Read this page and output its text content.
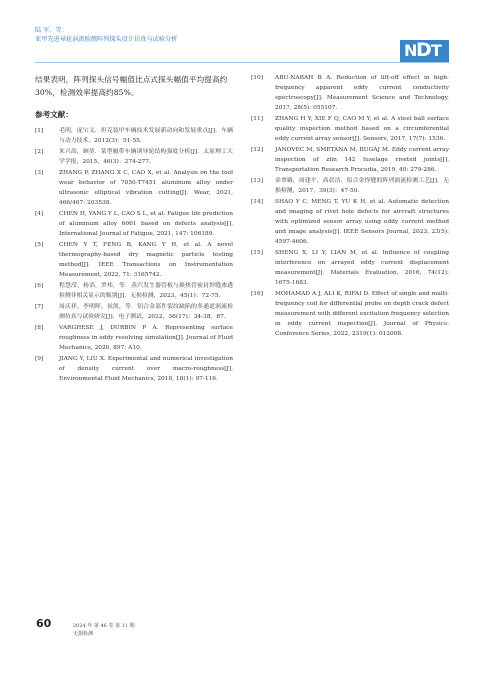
陆 军，等：
亚甲先进导轮涡流检测阵列探头设计仿真与试验分析
N
D T
结果表明，阵列探头信号幅值比点式探头幅值平均提高约30%，检测效率提高约85%。
参考文献：
[1]	毛明，庞宝义．坦克装甲车辆技术发展新动向和发展重点[J]．车辆与动力技术，2012(3)：51-55.
[2]	朱兴高，顾堃．某型履带车辆诱导轮结构强度分析[J]．太原理工大学学报，2015，46(3)：274-277.
[3]	ZHANG P, ZHANG X C, CAO X, et al. Analysis on the tool wear behavior of 7050-T7451 aluminum alloy under ultrasonic elliptical vibration cutting[J]. Wear, 2021, 466/467: 203538.
[4]	CHEN H, YANG Y L, CAO S L, et al. Fatigue life prediction of aluminum alloy 6061 based on defects analysis[J]. International Journal of Fatigue, 2021, 147: 106189.
[5]	CHEN Y T, FENG B, KANG Y H, et al. A novel thermography-based dry magnetic particle testing method[J]. IEEE Transactions on Instrumentation Measurement, 2022, 71: 3165742.
[6]	程慧滢，杨滔，罗炜，等．蒸汽发生器管板与换热管密封焊缝渗透检测非相关显示的甄别[J]．无损检测，2023，45(1)：72-75.
[7]	周庆祥，李明晖，侯凯，等．铝合金部件裂纹缺陷的多通道涡流检测仿真与试验研究[J]．电子测试，2022，36(17)：34-38，87.
[8]	VARGHESE J, DURBIN P A. Representing surface roughness in eddy resolving simulation[J]. Journal of Fluid Mechanics, 2020, 897: A10.
[9]	JIANG Y, LIU X. Experimental and numerical investigation of density current over macro-roughness[J]. Environmental Fluid Mechanics, 2018, 18(1): 97-116.
[10] ABU-NABAH B A. Reduction of lift-off effect in high-frequency apparent eddy current conductivity spectroscopy[J]. Measurement Science and Technology, 2017, 28(5): 055107.
[11] ZHANG H Y, XIE F Q, CAO M Y, et al. A steel ball surface quality inspection method based on a circumferential eddy current array sensor[J]. Sensors, 2017, 17(7): 1536.
[12] JANOVEC M, SMETANA M, BUGAJ M. Eddy current array inspection of zlin 142 fuselage riveted joints[J]. Transportation Research Procedia, 2019, 40: 279-286.
[13] 金翠娥，周建平，高晨洁．铝合金焊缝的阵列涡流检测工艺[J]．无损检测，2017，39(3)：47-50.
[14] SHAO Y C, MENG T, YU K H, et al. Automatic detection and imaging of rivet hole defects for aircraft structures with optimized sensor array using eddy current method and image analysis[J]. IEEE Sensors Journal, 2023, 23(5): 4597-4606.
[15] SHENG X, LI Y, LIAN M, et al. Influence of coupling interference on arrayed eddy current displacement measurement[J]. Materials Evaluation, 2016, 74(12): 1675-1683.
[16] MOHAMAD A J, ALI K, RIFAI D. Effect of single and multi-frequency coil for differential probe on depth crack defect measurement with different excitation frequency selection in eddy current inspection[J]. Journal of Physics: Conference Series, 2022, 2319(1): 012008.
60	2024 年 第 46 卷 第 11 期
无损检测
